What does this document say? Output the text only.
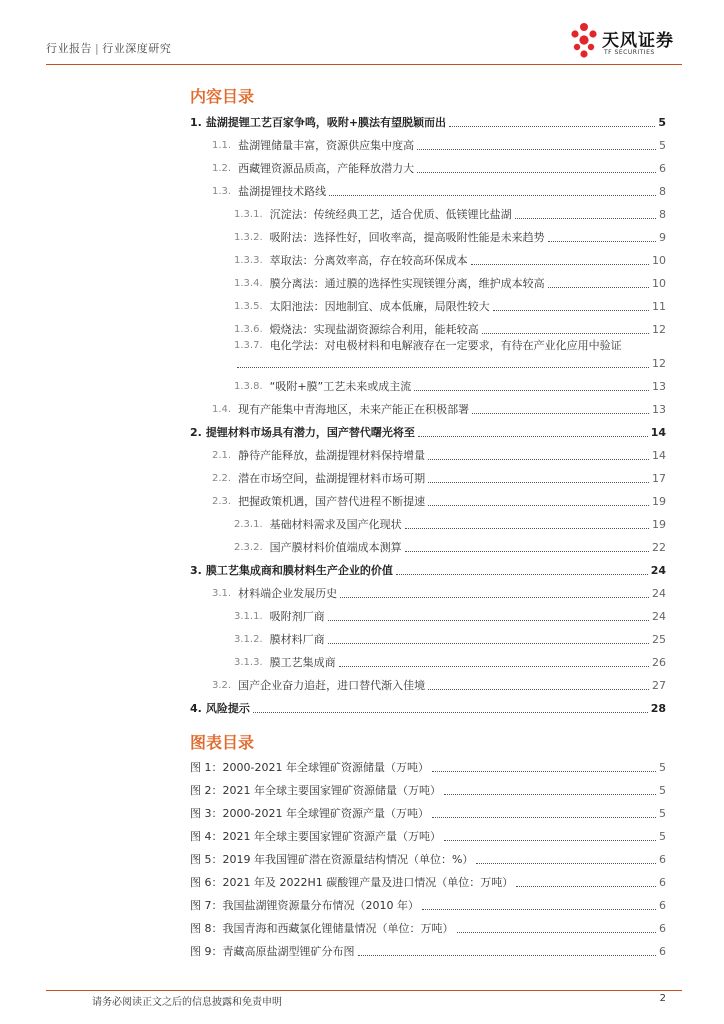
行业报告 | 行业深度研究	天风证券
TF SECURITIES
内容目录
1. 盐湖提锂工艺百家争鸣，吸附+膜法有望脱颖而出	5
1.1. 盐湖锂储量丰富，资源供应集中度高	5
1.2. 西藏锂资源品质高，产能释放潜力大	6
1.3. 盐湖提锂技术路线	8
1.3.1. 沉淀法：传统经典工艺，适合优质、低镁锂比盐湖	8
1.3.2. 吸附法：选择性好，回收率高，提高吸附性能是未来趋势	9
1.3.3. 萃取法：分离效率高，存在较高环保成本	10
1.3.4. 膜分离法：通过膜的选择性实现镁锂分离，维护成本较高	10
1.3.5. 太阳池法：因地制宜、成本低廉，局限性较大	11
1.3.6. 煅烧法：实现盐湖资源综合利用，能耗较高	12
1.3.7. 电化学法：对电极材料和电解液存在一定要求，有待在产业化应用中验证
12
1.3.8. “吸附+膜”工艺未来或成主流	13
1.4. 现有产能集中青海地区，未来产能正在积极部署	13
2. 提锂材料市场具有潜力，国产替代曙光将至	14
2.1. 静待产能释放，盐湖提锂材料保持增量	14
2.2. 潜在市场空间，盐湖提锂材料市场可期	17
2.3. 把握政策机遇，国产替代进程不断提速	19
2.3.1. 基础材料需求及国产化现状	19
2.3.2. 国产膜材料价值端成本测算	22
3. 膜工艺集成商和膜材料生产企业的价值	24
3.1. 材料端企业发展历史	24
3.1.1. 吸附剂厂商	24
3.1.2. 膜材料厂商	25
3.1.3. 膜工艺集成商	26
3.2. 国产企业奋力追赶，进口替代渐入佳境	27
4. 风险提示	28
图表目录
图 1：2000-2021 年全球锂矿资源储量（万吨）	5
图 2：2021 年全球主要国家锂矿资源储量（万吨）	5
图 3：2000-2021 年全球锂矿资源产量（万吨）	5
图 4：2021 年全球主要国家锂矿资源产量（万吨）	5
图 5：2019 年我国锂矿潜在资源量结构情况（单位：%）	6
图 6：2021 年及 2022H1 碳酸锂产量及进口情况（单位：万吨）	6
图 7：我国盐湖锂资源量分布情况（2010 年）	6
图 8：我国青海和西藏氯化锂储量情况（单位：万吨）	6
图 9：青藏高原盐湖型锂矿分布图	6
请务必阅读正文之后的信息披露和免责申明	2
